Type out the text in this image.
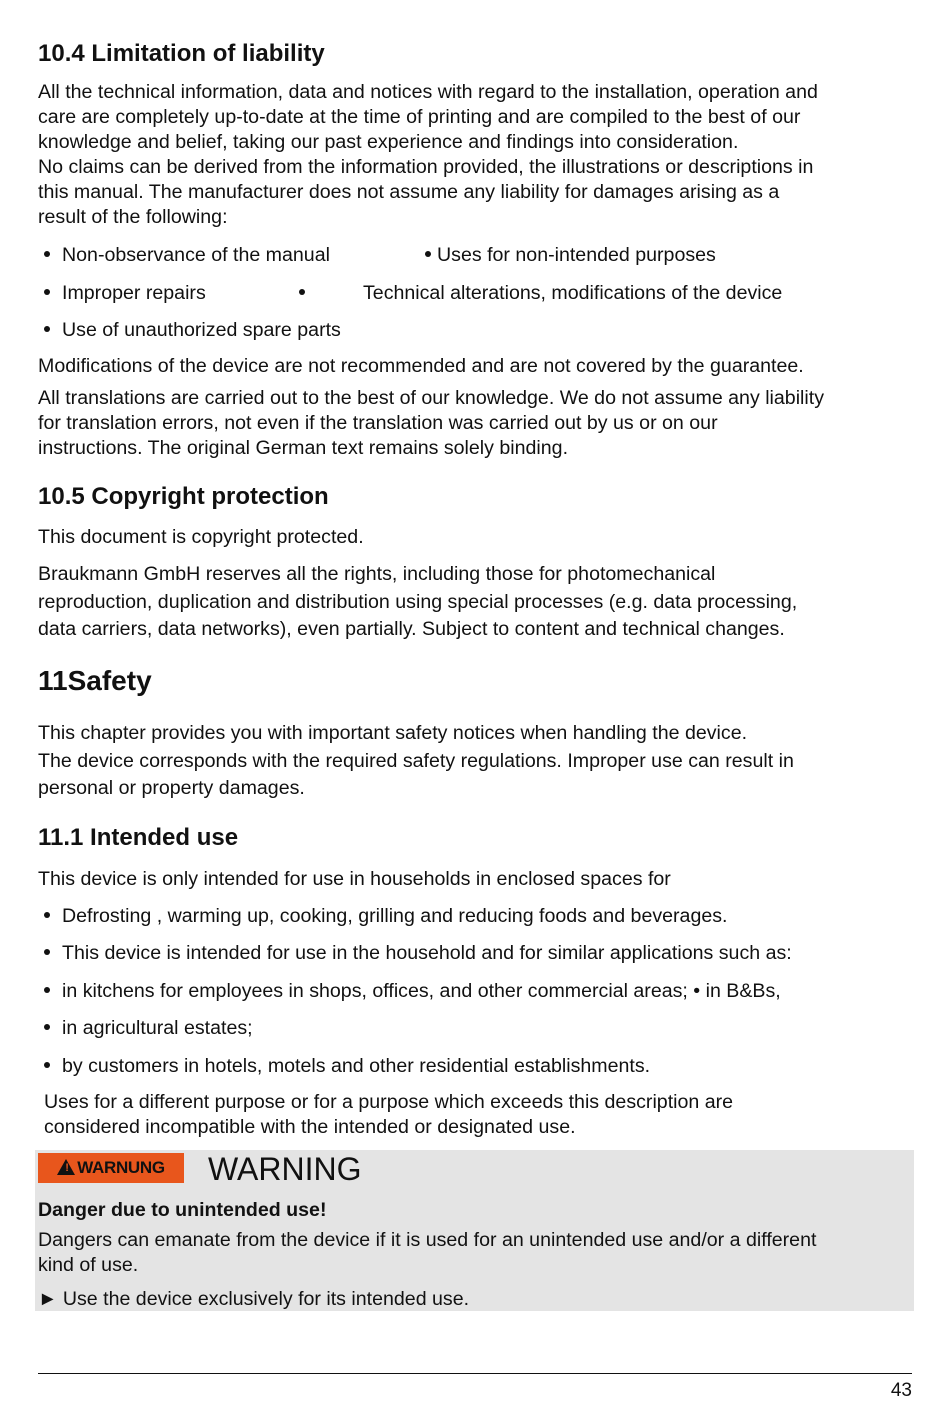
10.4 Limitation of liability

All the technical information, data and notices with regard to the installation, operation and
care are completely up-to-date at the time of printing and are compiled to the best of our
knowledge and belief, taking our past experience and findings into consideration.
No claims can be derived from the information provided, the illustrations or descriptions in
this manual. The manufacturer does not assume any liability for damages arising as a
result of the following:

Non-observance of the manual	Uses for non-intended purposes
Improper repairs	Technical alterations, modifications of the device
Use of unauthorized spare parts

Modifications of the device are not recommended and are not covered by the guarantee.

All translations are carried out to the best of our knowledge. We do not assume any liability
for translation errors, not even if the translation was carried out by us or on our
instructions. The original German text remains solely binding.

10.5 Copyright protection

This document is copyright protected.

Braukmann GmbH reserves all the rights, including those for photomechanical
reproduction, duplication and distribution using special processes (e.g. data processing,
data carriers, data networks), even partially. Subject to content and technical changes.

11Safety

This chapter provides you with important safety notices when handling the device.
The device corresponds with the required safety regulations. Improper use can result in
personal or property damages.

11.1 Intended use

This device is only intended for use in households in enclosed spaces for

Defrosting , warming up, cooking, grilling and reducing foods and beverages.
This device is intended for use in the household and for similar applications such as:
in kitchens for employees in shops, offices, and other commercial areas; • in B&Bs,
in agricultural estates;
by customers in hotels, motels and other residential establishments.

Uses for a different purpose or for a purpose which exceeds this description are
considered incompatible with the intended or designated use.

! WARNUNG	WARNING
Danger due to unintended use!

Dangers can emanate from the device if it is used for an unintended use and/or a different
kind of use.

► Use the device exclusively for its intended use.
43
